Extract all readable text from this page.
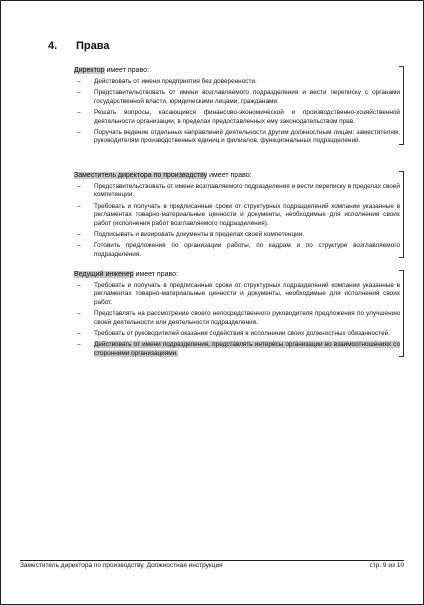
4. Права

Директор имеет право:

– Действовать от имени предприятия без доверенности.
– Представительствовать от имени возглавляемого подразделения и вести переписку с органами государственной власти, юридическими лицами, гражданами.
– Решать вопросы, касающиеся финансово-экономической и производственно-хозяйственной деятельности организации, в пределах предоставленных ему законодательством прав.
– Поручать ведение отдельных направлений деятельности другим должностным лицам: заместителям, руководителям производственных единиц и филиалов, функциональных подразделений.

Заместитель директора по производству имеет право:

– Представительствовать от имени возглавляемого подразделения и вести переписку в пределах своей компетенции.
– Требовать и получать в предписанные сроки от структурных подразделений компании указанные в регламентах товарно-материальные ценности и документы, необходимые для исполнения своих работ (исполнения работ возглавляемого подразделения).
– Подписывать и визировать документы в пределах своей компетенции.
– Готовить предложения по организации работы, по кадрам и по структуре возглавляемого подразделения.

Ведущий инженер имеет право:

– Требовать и получать в предписанные сроки от структурных подразделений компании указанные в регламентах товарно-материальные ценности и документы, необходимые для исполнения своих работ.
– Представлять на рассмотрение своего непосредственного руководителя предложения по улучшению своей деятельности или деятельности подразделения.
– Требовать от руководителей оказания содействия в исполнении своих должностных обязанностей.
– Действовать от имени подразделения, представлять интересы организации во взаимоотношениях со сторонними организациями.
Заместитель директора по производству. Должностная инструкция	стр. 9 из 10
